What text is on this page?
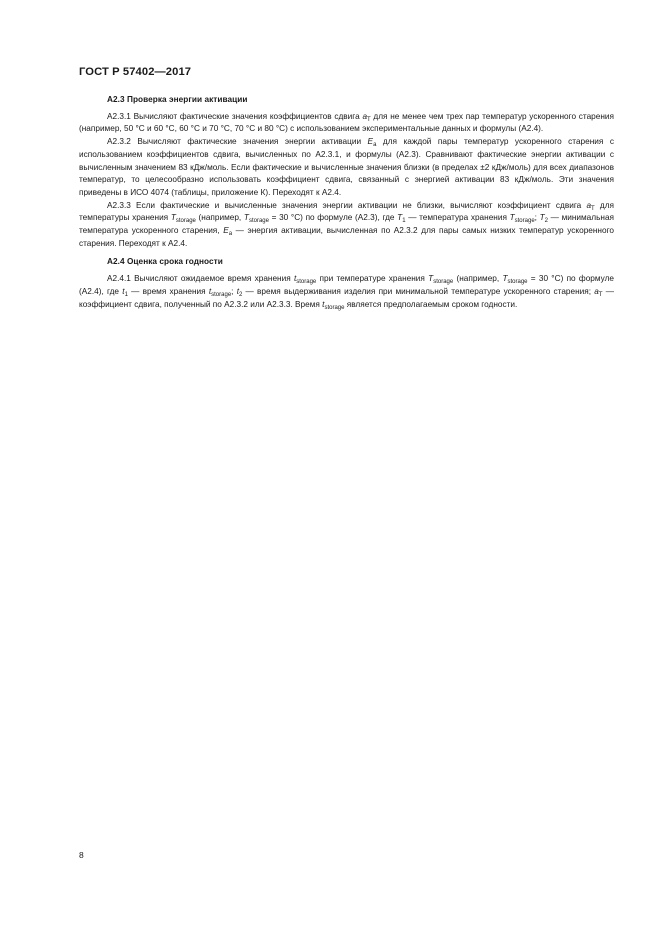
ГОСТ Р 57402—2017
А2.3 Проверка энергии активации

А2.3.1 Вычисляют фактические значения коэффициентов сдвига $a_T$ для не менее чем трех пар температур ускоренного старения (например, 50 °С и 60 °С, 60 °С и 70 °С, 70 °С и 80 °С) с использованием экспериментальные данных и формулы (А2.4).

А2.3.2 Вычисляют фактические значения энергии активации $E_a$ для каждой пары температур ускоренного старения с использованием коэффициентов сдвига, вычисленных по А2.3.1, и формулы (А2.3). Сравнивают фактические энергии активации с вычисленным значением 83 кДж/моль. Если фактические и вычисленные значения близки (в пределах ±2 кДж/моль) для всех диапазонов температур, то целесообразно использовать коэффициент сдвига, связанный с энергией активации 83 кДж/моль. Эти значения приведены в ИСО 4074 (таблицы, приложение К). Переходят к А2.4.

А2.3.3 Если фактические и вычисленные значения энергии активации не близки, вычисляют коэффициент сдвига $a_T$ для температуры хранения $T_{storage}$ (например, $T_{storage} = 30$ °С) по формуле (А2.3), где $T_1$ — температура хранения $T_{storage}$; $T_2$ — минимальная температура ускоренного старения, $E_a$ — энергия активации, вычисленная по А2.3.2 для пары самых низких температур ускоренного старения. Переходят к А2.4.

А2.4 Оценка срока годности

А2.4.1 Вычисляют ожидаемое время хранения $t_{storage}$ при температуре хранения $T_{storage}$ (например, $T_{storage} = 30$ °С) по формуле (А2.4), где $t_1$ — время хранения $t_{storage}$; $t_2$ — время выдерживания изделия при минимальной температуре ускоренного старения; $a_T$ — коэффициент сдвига, полученный по А2.3.2 или А2.3.3. Время $t_{storage}$ является предполагаемым сроком годности.

8
